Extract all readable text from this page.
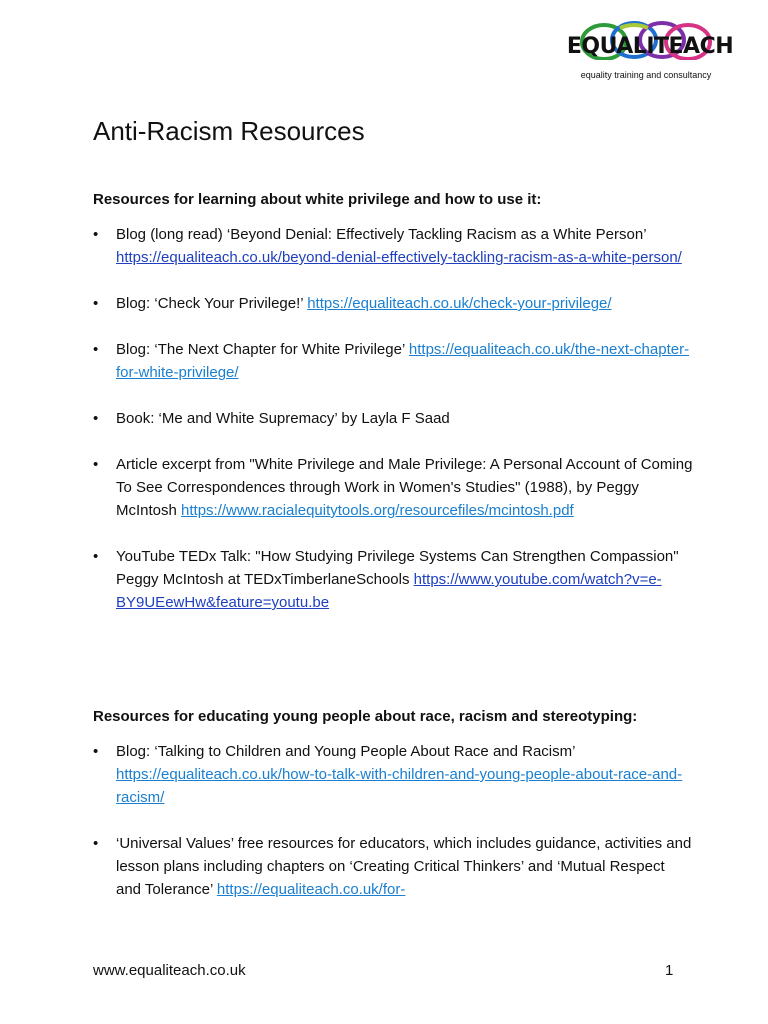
EQUALITEACH
equality training and consultancy
Anti-Racism Resources
Resources for learning about white privilege and how to use it:
• Blog (long read) ‘Beyond Denial: Effectively Tackling Racism as a White Person’ https://equaliteach.co.uk/beyond-denial-effectively-tackling-racism-as-a-white-person/
• Blog: ‘Check Your Privilege!’ https://equaliteach.co.uk/check-your-privilege/
• Blog: ‘The Next Chapter for White Privilege’ https://equaliteach.co.uk/the-next-chapter-for-white-privilege/
• Book: ‘Me and White Supremacy’ by Layla F Saad
• Article excerpt from "White Privilege and Male Privilege: A Personal Account of Coming To See Correspondences through Work in Women's Studies" (1988), by Peggy McIntosh https://www.racialequitytools.org/resourcefiles/mcintosh.pdf
• YouTube TEDx Talk: "How Studying Privilege Systems Can Strengthen Compassion" Peggy McIntosh at TEDxTimberlaneSchools https://www.youtube.com/watch?v=e-BY9UEewHw&feature=youtu.be
Resources for educating young people about race, racism and stereotyping:
• Blog: ‘Talking to Children and Young People About Race and Racism’ https://equaliteach.co.uk/how-to-talk-with-children-and-young-people-about-race-and-racism/
• ‘Universal Values’ free resources for educators, which includes guidance, activities and lesson plans including chapters on ‘Creating Critical Thinkers’ and ‘Mutual Respect and Tolerance’ https://equaliteach.co.uk/for-
www.equaliteach.co.uk	1
